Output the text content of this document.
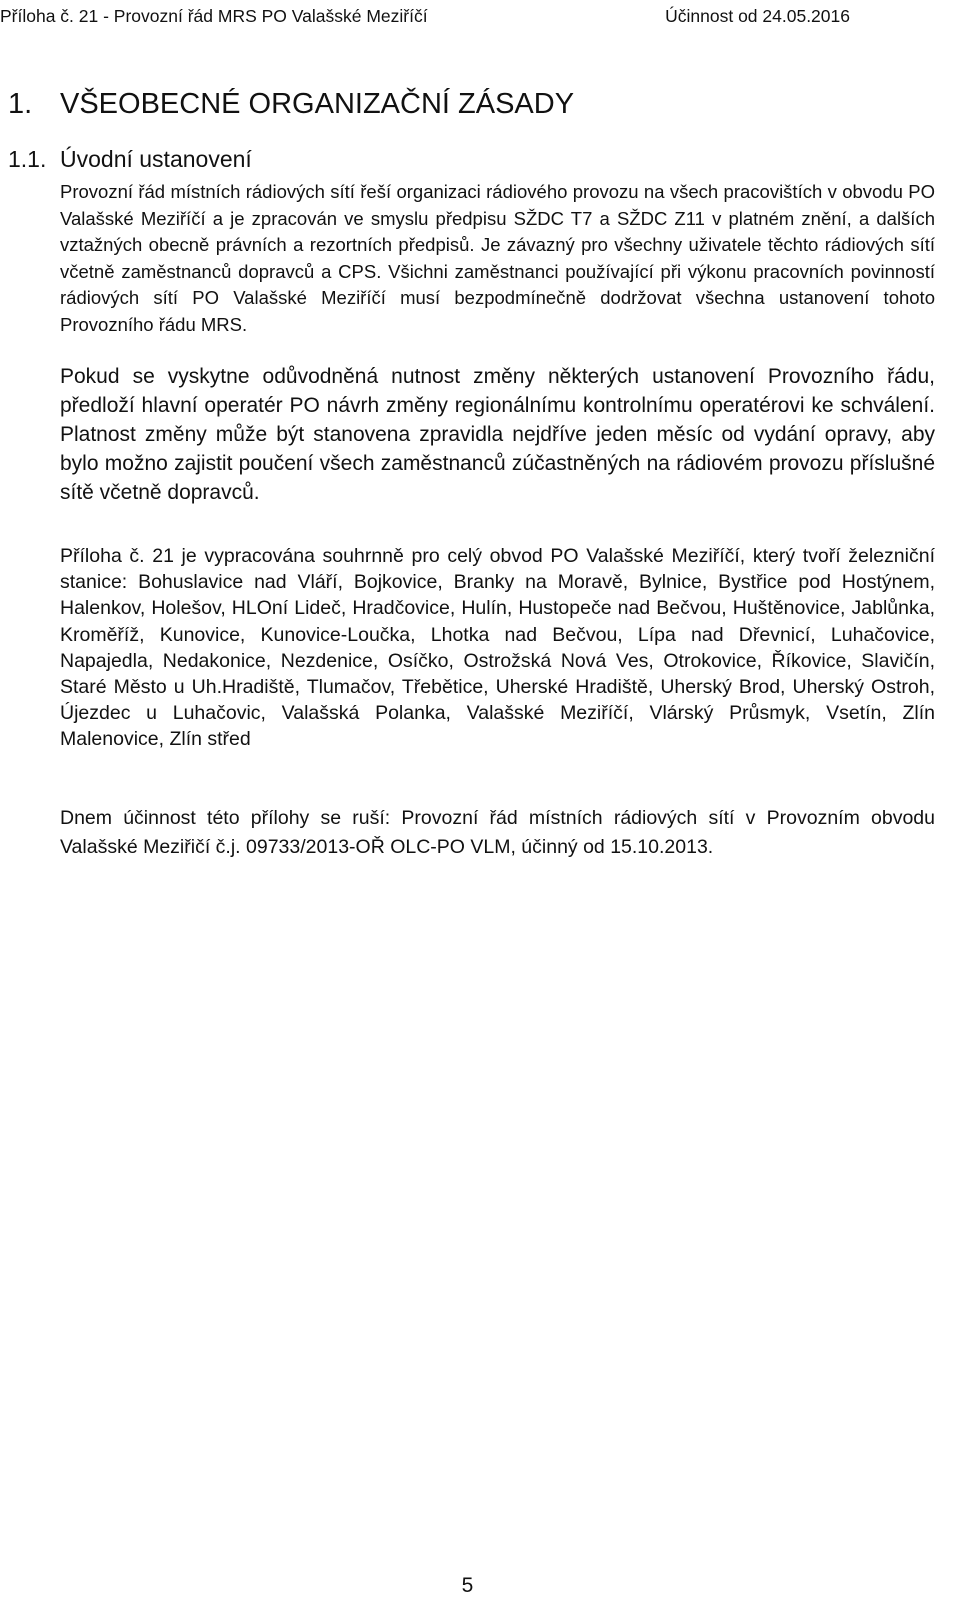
Příloha č. 21 - Provozní řád MRS PO Valašské Meziříčí	Účinnost od 24.05.2016
1. VŠEOBECNÉ ORGANIZAČNÍ ZÁSADY
1.1. Úvodní ustanovení

Provozní řád místních rádiových sítí řeší organizaci rádiového provozu na všech pracovištích v obvodu PO Valašské Meziříčí a je zpracován ve smyslu předpisu SŽDC T7 a SŽDC Z11 v platném znění, a dalších vztažných obecně právních a rezortních předpisů. Je závazný pro všechny uživatele těchto rádiových sítí včetně zaměstnanců dopravců a CPS. Všichni zaměstnanci používající při výkonu pracovních povinností rádiových sítí PO Valašské Meziříčí musí bezpodmínečně dodržovat všechna ustanovení tohoto Provozního řádu MRS.

Pokud se vyskytne odůvodněná nutnost změny některých ustanovení Provozního řádu, předloží hlavní operatér PO návrh změny regionálnímu kontrolnímu operatérovi ke schválení. Platnost změny může být stanovena zpravidla nejdříve jeden měsíc od vydání opravy, aby bylo možno zajistit poučení všech zaměstnanců zúčastněných na rádiovém provozu příslušné sítě včetně dopravců.

Příloha č. 21 je vypracována souhrnně pro celý obvod PO Valašské Meziříčí, který tvoří železniční stanice: Bohuslavice nad Vláří, Bojkovice, Branky na Moravě, Bylnice, Bystřice pod Hostýnem, Halenkov, Holešov, HLOní Lideč, Hradčovice, Hulín, Hustopeče nad Bečvou, Huštěnovice, Jablůnka, Kroměříž, Kunovice, Kunovice-Loučka, Lhotka nad Bečvou, Lípa nad Dřevnicí, Luhačovice, Napajedla, Nedakonice, Nezdenice, Osíčko, Ostrožská Nová Ves, Otrokovice, Říkovice, Slavičín, Staré Město u Uh.Hradiště, Tlumačov, Třebětice, Uherské Hradiště, Uherský Brod, Uherský Ostroh, Újezdec u Luhačovic, Valašská Polanka, Valašské Meziříčí, Vlárský Průsmyk, Vsetín, Zlín Malenovice, Zlín střed

Dnem účinnost této přílohy se ruší: Provozní řád místních rádiových sítí v Provozním obvodu Valašské Meziřičí č.j. 09733/2013-OŘ OLC-PO VLM, účinný od 15.10.2013.

5
